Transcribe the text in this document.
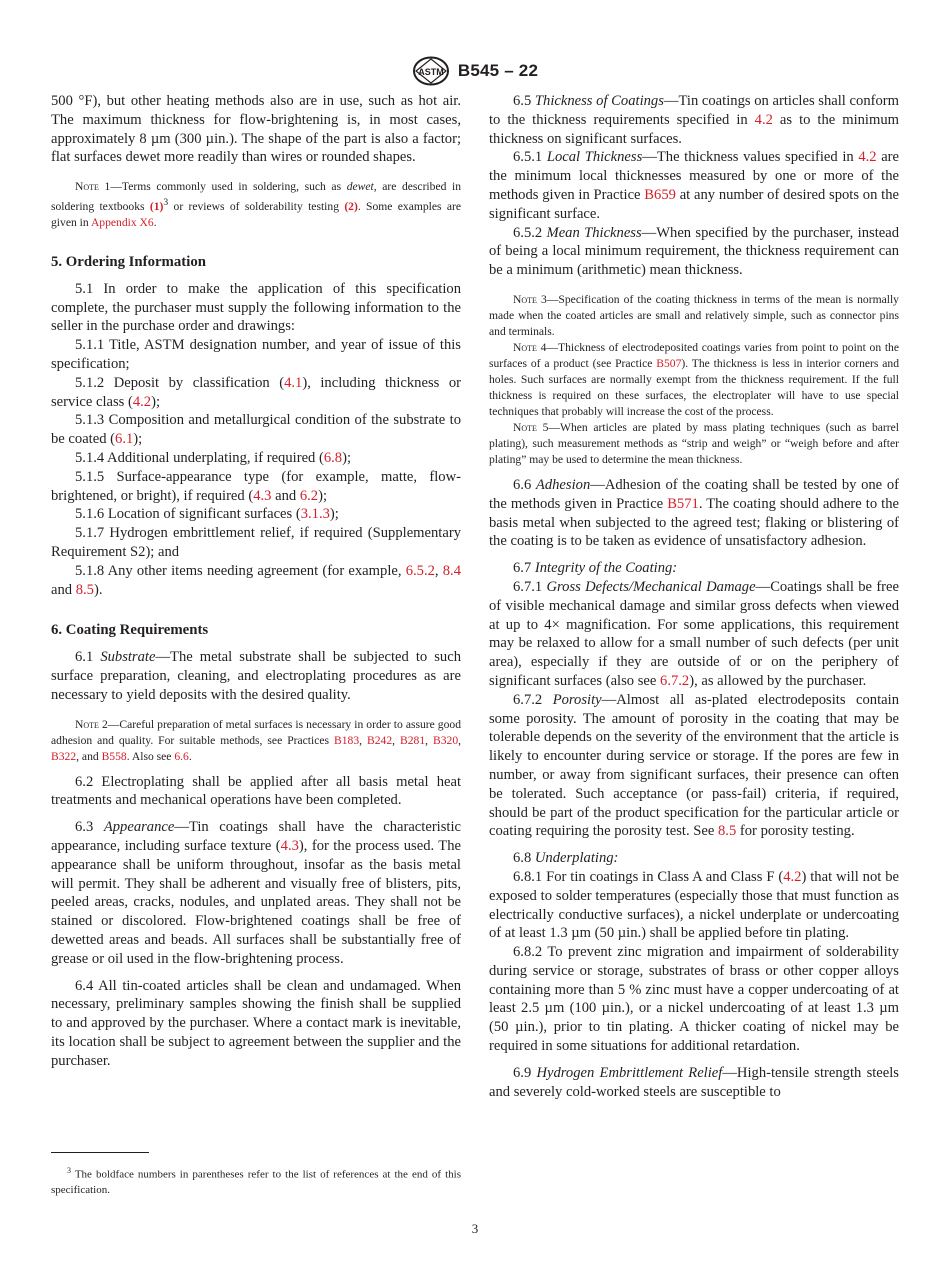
ASTM B545 – 22

500 °F), but other heating methods also are in use, such as hot air. The maximum thickness for flow-brightening is, in most cases, approximately 8 µm (300 µin.). The shape of the part is also a factor; flat surfaces dewet more readily than wires or rounded shapes.

Note 1—Terms commonly used in soldering, such as dewet, are described in soldering textbooks $(1)^3$ or reviews of solderability testing (2). Some examples are given in Appendix X6.

5. Ordering Information

5.1 In order to make the application of this specification complete, the purchaser must supply the following information to the seller in the purchase order and drawings:

5.1.1 Title, ASTM designation number, and year of issue of this specification;

5.1.2 Deposit by classification (4.1), including thickness or service class (4.2);

5.1.3 Composition and metallurgical condition of the substrate to be coated (6.1);

5.1.4 Additional underplating, if required (6.8);

5.1.5 Surface-appearance type (for example, matte, flow-brightened, or bright), if required (4.3 and 6.2);

5.1.6 Location of significant surfaces (3.1.3);

5.1.7 Hydrogen embrittlement relief, if required (Supplementary Requirement S2); and

5.1.8 Any other items needing agreement (for example, 6.5.2, 8.4 and 8.5).

6. Coating Requirements

6.1 Substrate—The metal substrate shall be subjected to such surface preparation, cleaning, and electroplating procedures as are necessary to yield deposits with the desired quality.

Note 2—Careful preparation of metal surfaces is necessary in order to assure good adhesion and quality. For suitable methods, see Practices B183, B242, B281, B320, B322, and B558. Also see 6.6.

6.2 Electroplating shall be applied after all basis metal heat treatments and mechanical operations have been completed.

6.3 Appearance—Tin coatings shall have the characteristic appearance, including surface texture (4.3), for the process used. The appearance shall be uniform throughout, insofar as the basis metal will permit. They shall be adherent and visually free of blisters, pits, peeled areas, cracks, nodules, and unplated areas. They shall not be stained or discolored. Flow-brightened coatings shall be free of dewetted areas and beads. All surfaces shall be substantially free of grease or oil used in the flow-brightening process.

6.4 All tin-coated articles shall be clean and undamaged. When necessary, preliminary samples showing the finish shall be supplied to and approved by the purchaser. Where a contact mark is inevitable, its location shall be subject to agreement between the supplier and the purchaser.

$^3$ The boldface numbers in parentheses refer to the list of references at the end of this specification.

6.5 Thickness of Coatings—Tin coatings on articles shall conform to the thickness requirements specified in 4.2 as to the minimum thickness on significant surfaces.

6.5.1 Local Thickness—The thickness values specified in 4.2 are the minimum local thicknesses measured by one or more of the methods given in Practice B659 at any number of desired spots on the significant surface.

6.5.2 Mean Thickness—When specified by the purchaser, instead of being a local minimum requirement, the thickness requirement can be a minimum (arithmetic) mean thickness.

Note 3—Specification of the coating thickness in terms of the mean is normally made when the coated articles are small and relatively simple, such as connector pins and terminals.

Note 4—Thickness of electrodeposited coatings varies from point to point on the surfaces of a product (see Practice B507). The thickness is less in interior corners and holes. Such surfaces are normally exempt from the thickness requirement. If the full thickness is required on these surfaces, the electroplater will have to use special techniques that probably will increase the cost of the process.

Note 5—When articles are plated by mass plating techniques (such as barrel plating), such measurement methods as “strip and weigh” or “weigh before and after plating” may be used to determine the mean thickness.

6.6 Adhesion—Adhesion of the coating shall be tested by one of the methods given in Practice B571. The coating should adhere to the basis metal when subjected to the agreed test; flaking or blistering of the coating is to be taken as evidence of unsatisfactory adhesion.

6.7 Integrity of the Coating:

6.7.1 Gross Defects/Mechanical Damage—Coatings shall be free of visible mechanical damage and similar gross defects when viewed at up to 4× magnification. For some applications, this requirement may be relaxed to allow for a small number of such defects (per unit area), especially if they are outside of or on the periphery of significant surfaces (also see 6.7.2), as allowed by the purchaser.

6.7.2 Porosity—Almost all as-plated electrodeposits contain some porosity. The amount of porosity in the coating that may be tolerable depends on the severity of the environment that the article is likely to encounter during service or storage. If the pores are few in number, or away from significant surfaces, their presence can often be tolerated. Such acceptance (or pass-fail) criteria, if required, should be part of the product specification for the particular article or coating requiring the porosity test. See 8.5 for porosity testing.

6.8 Underplating:

6.8.1 For tin coatings in Class A and Class F (4.2) that will not be exposed to solder temperatures (especially those that must function as electrically conductive surfaces), a nickel underplate or undercoating of at least 1.3 µm (50 µin.) shall be applied before tin plating.

6.8.2 To prevent zinc migration and impairment of solderability during service or storage, substrates of brass or other copper alloys containing more than 5 % zinc must have a copper undercoating of at least 2.5 µm (100 µin.), or a nickel undercoating of at least 1.3 µm (50 µin.), prior to tin plating. A thicker coating of nickel may be required in some situations for additional retardation.

6.9 Hydrogen Embrittlement Relief—High-tensile strength steels and severely cold-worked steels are susceptible to

3
